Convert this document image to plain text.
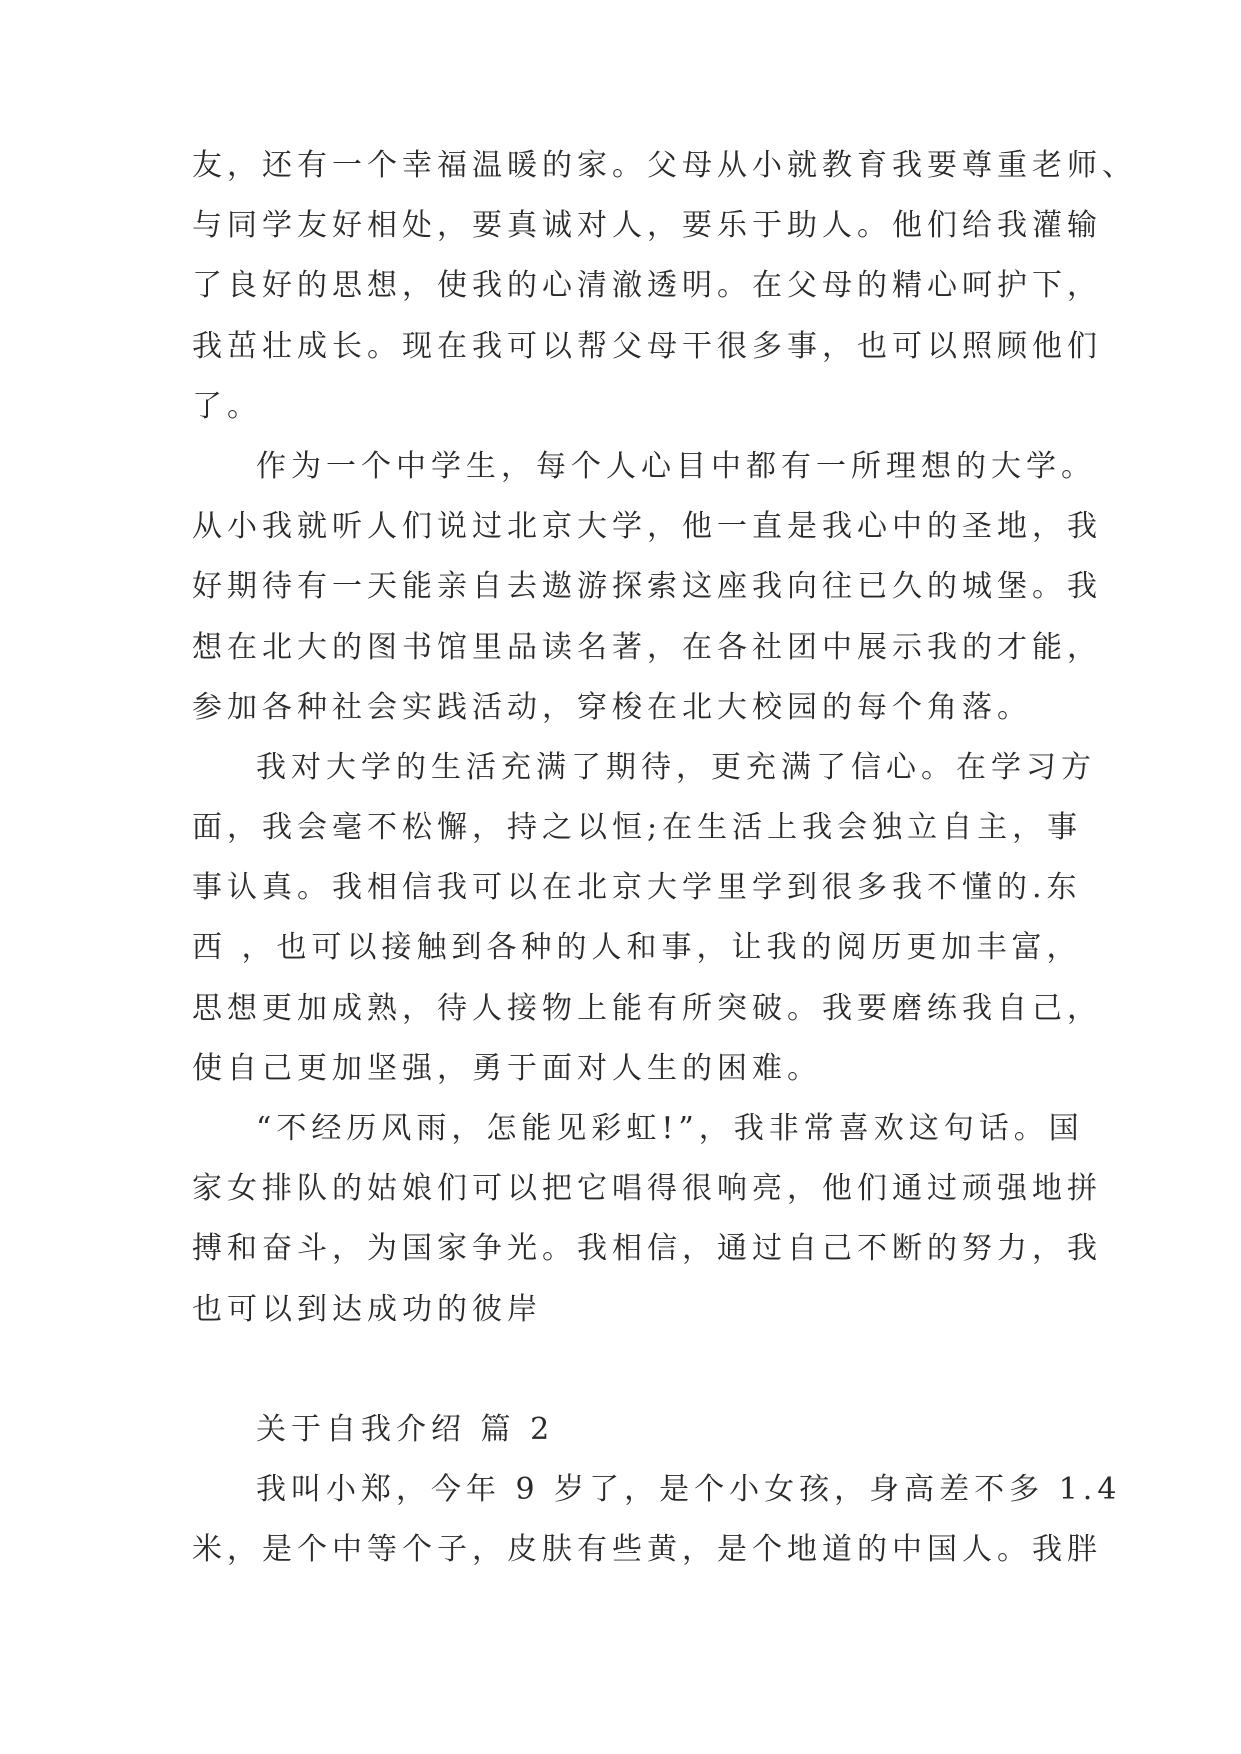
友，还有一个幸福温暖的家。父母从小就教育我要尊重老师、
与同学友好相处，要真诚对人，要乐于助人。他们给我灌输
了良好的思想，使我的心清澈透明。在父母的精心呵护下，
我茁壮成长。现在我可以帮父母干很多事，也可以照顾他们
了。
作为一个中学生，每个人心目中都有一所理想的大学。
从小我就听人们说过北京大学，他一直是我心中的圣地，我
好期待有一天能亲自去遨游探索这座我向往已久的城堡。我
想在北大的图书馆里品读名著，在各社团中展示我的才能，
参加各种社会实践活动，穿梭在北大校园的每个角落。
我对大学的生活充满了期待，更充满了信心。在学习方
面，我会毫不松懈，持之以恒;在生活上我会独立自主，事
事认真。我相信我可以在北京大学里学到很多我不懂的.东
西 ，也可以接触到各种的人和事，让我的阅历更加丰富，
思想更加成熟，待人接物上能有所突破。我要磨练我自己，
使自己更加坚强，勇于面对人生的困难。
“不经历风雨，怎能见彩虹!”，我非常喜欢这句话。国
家女排队的姑娘们可以把它唱得很响亮，他们通过顽强地拼
搏和奋斗，为国家争光。我相信，通过自己不断的努力，我
也可以到达成功的彼岸
关于自我介绍 篇 2
我叫小郑，今年 9 岁了，是个小女孩，身高差不多 1.4
米，是个中等个子，皮肤有些黄，是个地道的中国人。我胖
